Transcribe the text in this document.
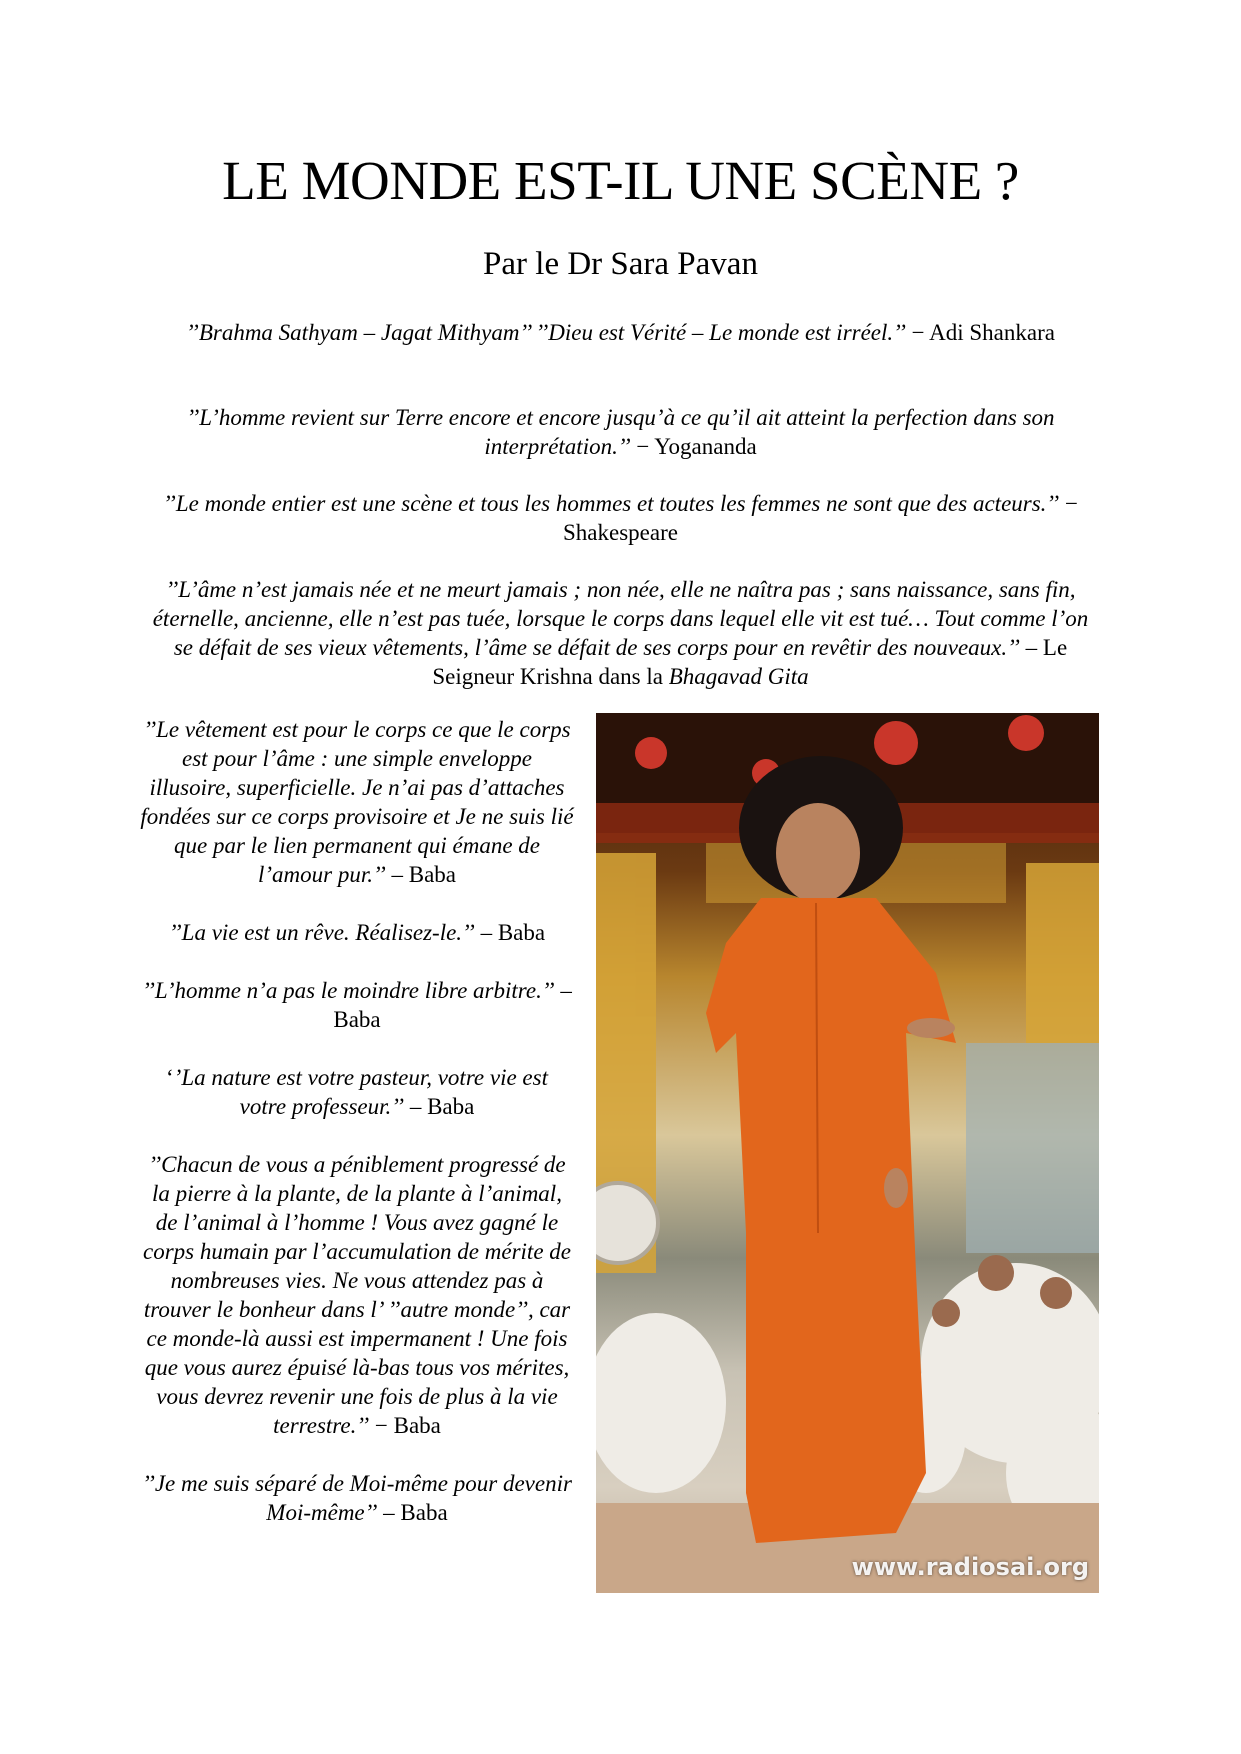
LE MONDE EST-IL UNE SCÈNE ?
Par le Dr Sara Pavan
’’Brahma Sathyam – Jagat Mithyam’’ ’’Dieu est Vérité – Le monde est irréel.’’ − Adi Shankara
’’L’homme revient sur Terre encore et encore jusqu’à ce qu’il ait atteint la perfection dans son interprétation.’’ − Yogananda
’’Le monde entier est une scène et tous les hommes et toutes les femmes ne sont que des acteurs.’’ − Shakespeare
’’L’âme n’est jamais née et ne meurt jamais ; non née, elle ne naîtra pas ; sans naissance, sans fin, éternelle, ancienne, elle n’est pas tuée, lorsque le corps dans lequel elle vit est tué… Tout comme l’on se défait de ses vieux vêtements, l’âme se défait de ses corps pour en revêtir des nouveaux.’’ – Le Seigneur Krishna dans la Bhagavad Gita

’’Le vêtement est pour le corps ce que le corps est pour l’âme : une simple enveloppe illusoire, superficielle. Je n’ai pas d’attaches fondées sur ce corps provisoire et Je ne suis lié que par le lien permanent qui émane de l’amour pur.’’ – Baba

’’La vie est un rêve. Réalisez-le.’’ – Baba

’’L’homme n’a pas le moindre libre arbitre.’’ – Baba

‘’La nature est votre pasteur, votre vie est votre professeur.’’ – Baba

’’Chacun de vous a péniblement progressé de la pierre à la plante, de la plante à l’animal, de l’animal à l’homme ! Vous avez gagné le corps humain par l’accumulation de mérite de nombreuses vies. Ne vous attendez pas à trouver le bonheur dans l’ ’’autre monde’’, car ce monde-là aussi est impermanent ! Une fois que vous aurez épuisé là-bas tous vos mérites, vous devrez revenir une fois de plus à la vie terrestre.’’ − Baba

’’Je me suis séparé de Moi-même pour devenir Moi-même’’ – Baba

www.radiosai.org
